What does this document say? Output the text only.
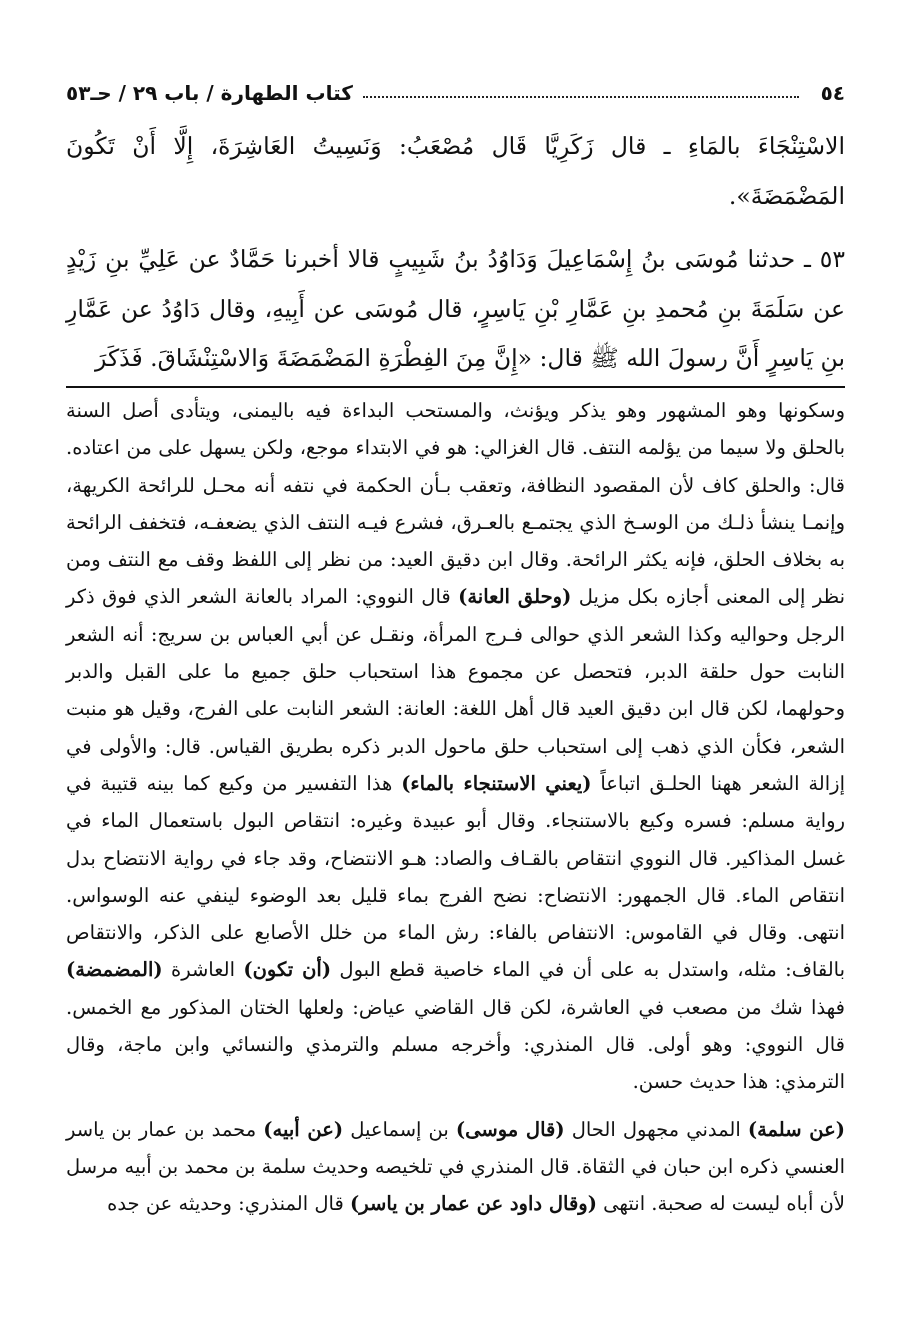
٥٤
كتاب الطهارة / باب ٢٩ / حـ٥٣

الاسْتِنْجَاءَ بالمَاءِ ـ قال زَكَرِيَّا قَال مُصْعَبُ: وَنَسِيتُ العَاشِرَةَ، إِلَّا أَنْ تَكُونَ المَضْمَضَةَ».

٥٣ ـ حدثنا مُوسَى بنُ إِسْمَاعِيلَ وَدَاوُدُ بنُ شَبِيبٍ قالا أخبرنا حَمَّادٌ عن عَلِيِّ بنِ زَيْدٍ عن سَلَمَةَ بنِ مُحمدِ بنِ عَمَّارِ بْنِ يَاسِرٍ، قال مُوسَى عن أَبِيهِ، وقال دَاوُدُ عن عَمَّارِ بنِ يَاسِرٍ أَنَّ رسولَ الله ﷺ قال: «إِنَّ مِنَ الفِطْرَةِ المَضْمَضَةَ وَالاسْتِنْشَاقَ. فَذَكَرَ

وسكونها وهو المشهور وهو يذكر ويؤنث، والمستحب البداءة فيه باليمنى، ويتأدى أصل السنة بالحلق ولا سيما من يؤلمه النتف. قال الغزالي: هو في الابتداء موجع، ولكن يسهل على من اعتاده. قال: والحلق كاف لأن المقصود النظافة، وتعقب بـأن الحكمة في نتفه أنه محـل للرائحة الكريهة، وإنمـا ينشأ ذلـك من الوسـخ الذي يجتمـع بالعـرق، فشرع فيـه النتف الذي يضعفـه، فتخفف الرائحة به بخلاف الحلق، فإنه يكثر الرائحة. وقال ابن دقيق العيد: من نظر إلى اللفظ وقف مع النتف ومن نظر إلى المعنى أجازه بكل مزيل (وحلق العانة) قال النووي: المراد بالعانة الشعر الذي فوق ذكر الرجل وحواليه وكذا الشعر الذي حوالى فـرج المرأة، ونقـل عن أبي العباس بن سريج: أنه الشعر النابت حول حلقة الدبر، فتحصل عن مجموع هذا استحباب حلق جميع ما على القبل والدبر وحولهما، لكن قال ابن دقيق العيد قال أهل اللغة: العانة: الشعر النابت على الفرج، وقيل هو منبت الشعر، فكأن الذي ذهب إلى استحباب حلق ماحول الدبر ذكره بطريق القياس. قال: والأولى في إزالة الشعر ههنا الحلـق اتباعاً (يعني الاستنجاء بالماء) هذا التفسير من وكيع كما بينه قتيبة في رواية مسلم: فسره وكيع بالاستنجاء. وقال أبو عبيدة وغيره: انتقاص البول باستعمال الماء في غسل المذاكير. قال النووي انتقاص بالقـاف والصاد: هـو الانتضاح، وقد جاء في رواية الانتضاح بدل انتقاص الماء. قال الجمهور: الانتضاح: نضح الفرج بماء قليل بعد الوضوء لينفي عنه الوسواس. انتهى. وقال في القاموس: الانتفاص بالفاء: رش الماء من خلل الأصابع على الذكر، والانتقاص بالقاف: مثله، واستدل به على أن في الماء خاصية قطع البول (أن تكون) العاشرة (المضمضة) فهذا شك من مصعب في العاشرة، لكن قال القاضي عياض: ولعلها الختان المذكور مع الخمس. قال النووي: وهو أولى. قال المنذري: وأخرجه مسلم والترمذي والنسائي وابن ماجة، وقال الترمذي: هذا حديث حسن.

(عن سلمة) المدني مجهول الحال (قال موسى) بن إسماعيل (عن أبيه) محمد بن عمار بن ياسر العنسي ذكره ابن حبان في الثقاة. قال المنذري في تلخيصه وحديث سلمة بن محمد بن أبيه مرسل لأن أباه ليست له صحبة. انتهى (وقال داود عن عمار بن ياسر) قال المنذري: وحديثه عن جده
